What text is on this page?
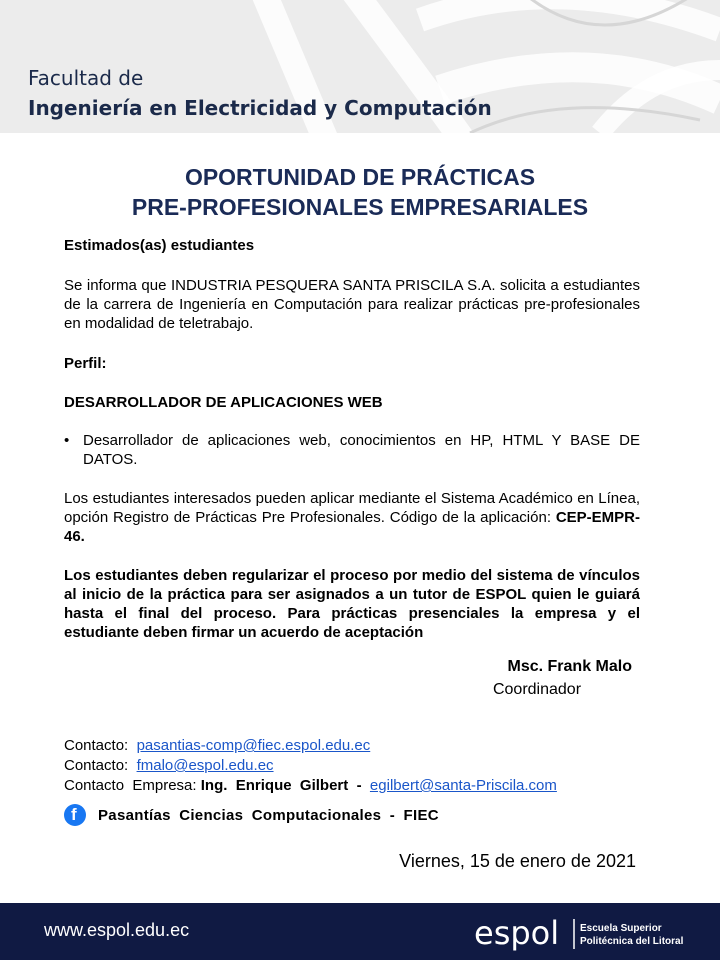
Facultad de
Ingeniería en Electricidad y Computación
OPORTUNIDAD DE PRÁCTICAS
PRE-PROFESIONALES EMPRESARIALES
Estimados(as) estudiantes
Se informa que INDUSTRIA PESQUERA SANTA PRISCILA S.A. solicita a estudiantes de la carrera de Ingeniería en Computación para realizar prácticas pre-profesionales en modalidad de teletrabajo.
Perfil:
DESARROLLADOR DE APLICACIONES WEB
• Desarrollador de aplicaciones web, conocimientos en HP, HTML Y BASE DE DATOS.
Los estudiantes interesados pueden aplicar mediante el Sistema Académico en Línea, opción Registro de Prácticas Pre Profesionales. Código de la aplicación: CEP-EMPR-46.
Los estudiantes deben regularizar el proceso por medio del sistema de vínculos al inicio de la práctica para ser asignados a un tutor de ESPOL quien le guiará hasta el final del proceso. Para prácticas presenciales la empresa y el estudiante deben firmar un acuerdo de aceptación
Msc. Frank Malo
Coordinador
Contacto: pasantias-comp@fiec.espol.edu.ec
Contacto: fmalo@espol.edu.ec
Contacto  Empresa: Ing.  Enrique  Gilbert  - egilbert@santa-Priscila.com
f Pasantías Ciencias Computacionales - FIEC
Viernes, 15 de enero de 2021
www.espol.edu.ec	espol Escuela Superior
Politécnica del Litoral
